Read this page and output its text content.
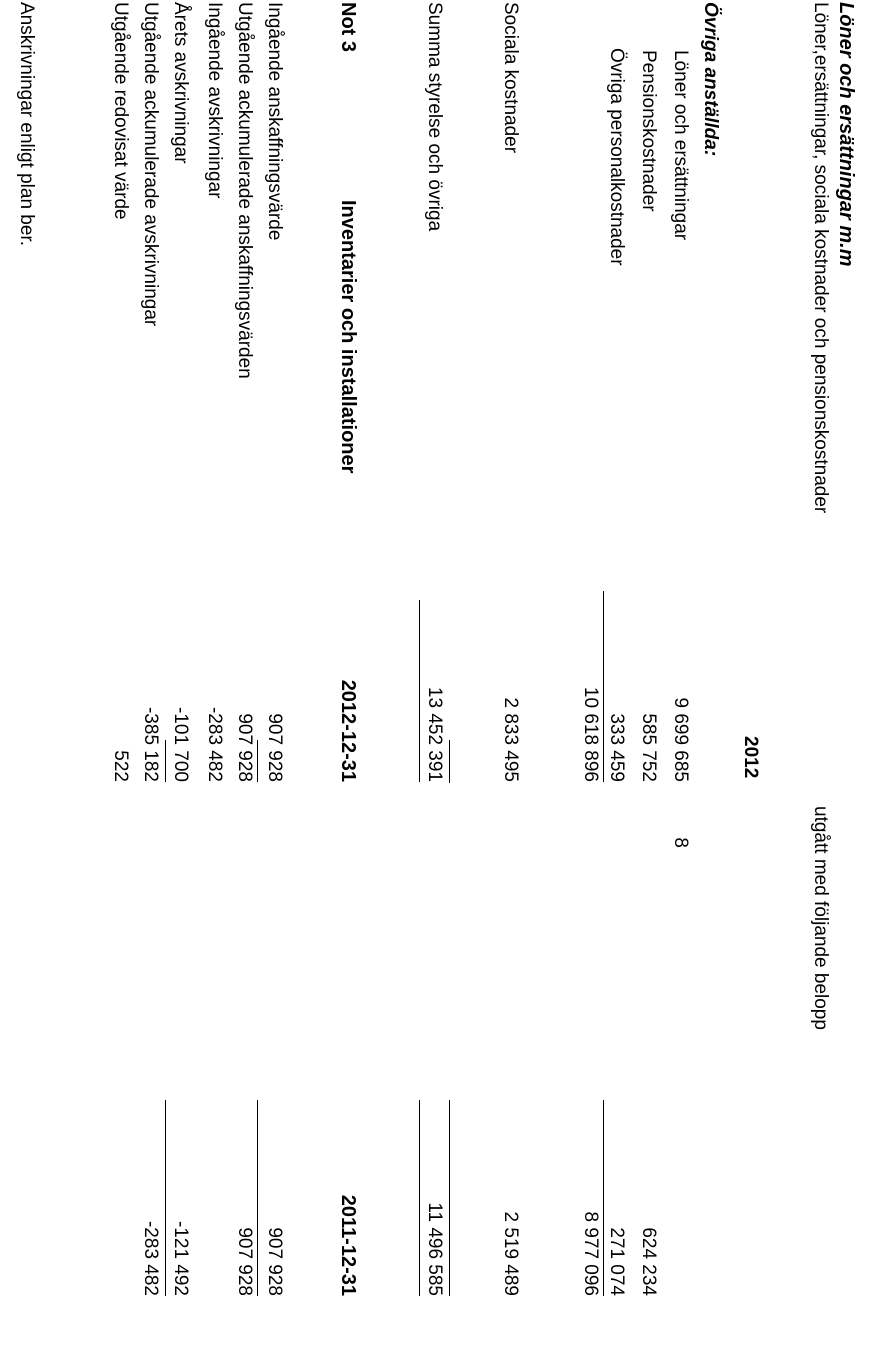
Löner och ersättningar m.m
Löner,ersättningar, sociala kostnader och pensionskostnader
utgått med följande belopp
2012
Övriga anställda:
Löner och ersättningar
9 699 685
8
Pensionskostnader
585 752
624 234
Övriga personalkostnader
333 459
271 074
10 618 896
8 977 096
Sociala kostnader
2 833 495
2 519 489
Summa styrelse och övriga
13 452 391
11 496 585
Not 3
Inventarier och installationer
2012-12-31
2011-12-31
Ingående anskaffningsvärde
907 928
907 928
Utgående ackumulerade anskaffningsvärden
907 928
907 928
Ingående avskrivningar
-283 482
Årets avskrivningar
-101 700
-121 492
Utgående ackumulerade avskrivningar
-385 182
-283 482
Utgående redovisat värde
522
Anskrivningar enligt plan ber.
